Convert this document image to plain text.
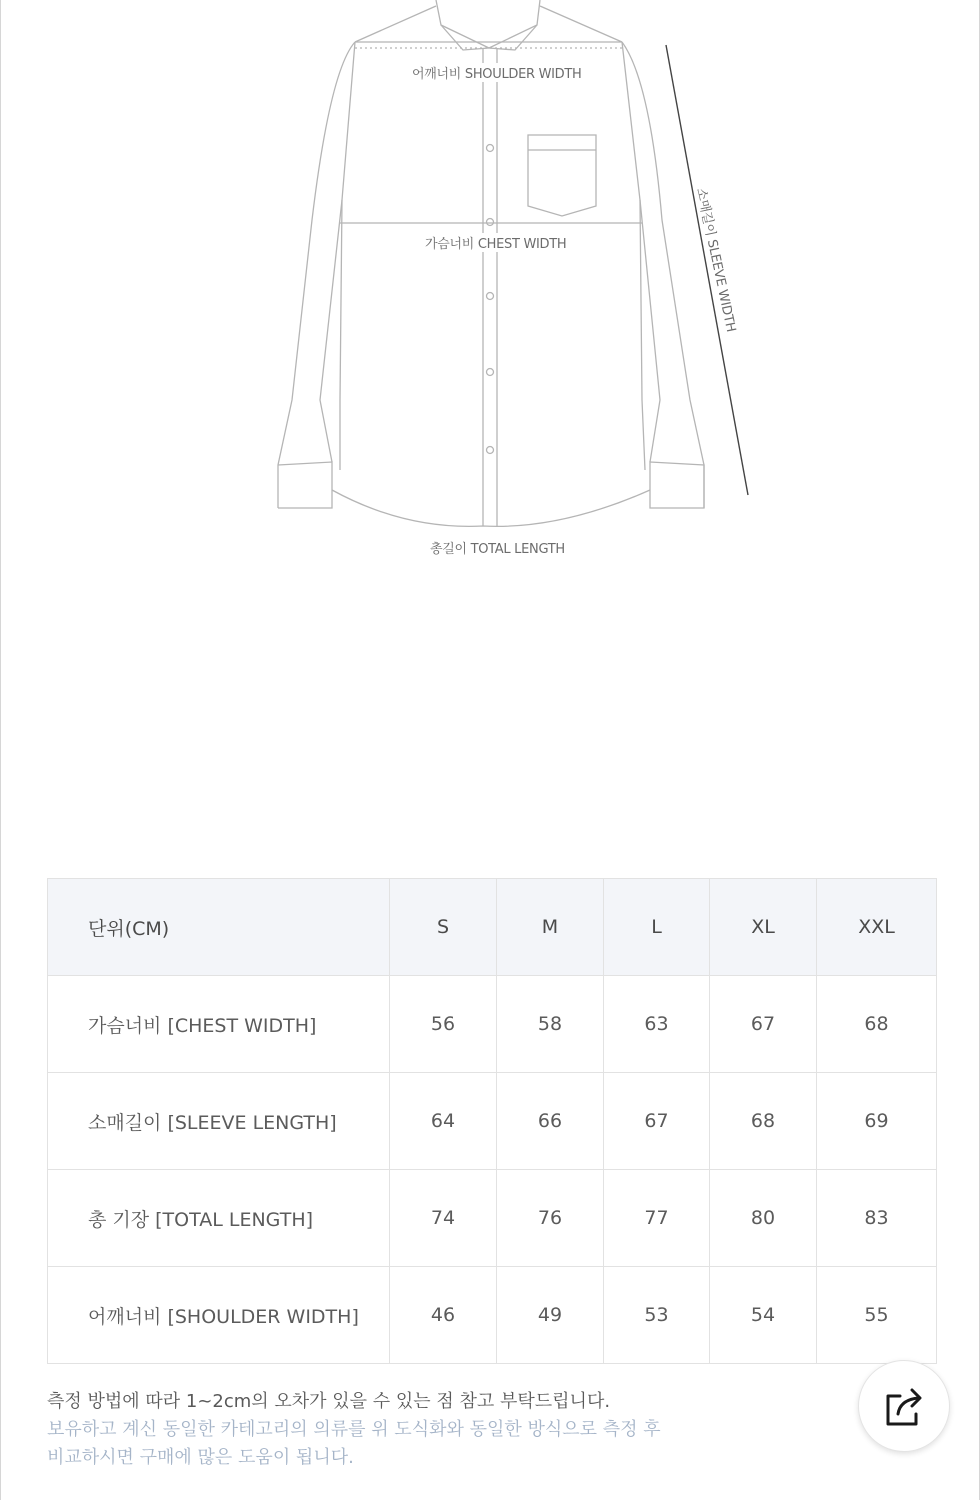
어깨너비 SHOULDER WIDTH
가슴너비 CHEST WIDTH	소매길이 SLEEVE WIDTH
총길이 TOTAL LENGTH
단위(CM)	S	M	L	XL	XXL
가슴너비 [CHEST WIDTH]	56	58	63	67	68
소매길이 [SLEEVE LENGTH]	64	66	67	68	69
총 기장 [TOTAL LENGTH]	74	76	77	80	83
어깨너비 [SHOULDER WIDTH]	46	49	53	54	55
측정 방법에 따라 1~2cm의 오차가 있을 수 있는 점 참고 부탁드립니다.
보유하고 계신 동일한 카테고리의 의류를 위 도식화와 동일한 방식으로 측정 후
비교하시면 구매에 많은 도움이 됩니다.
